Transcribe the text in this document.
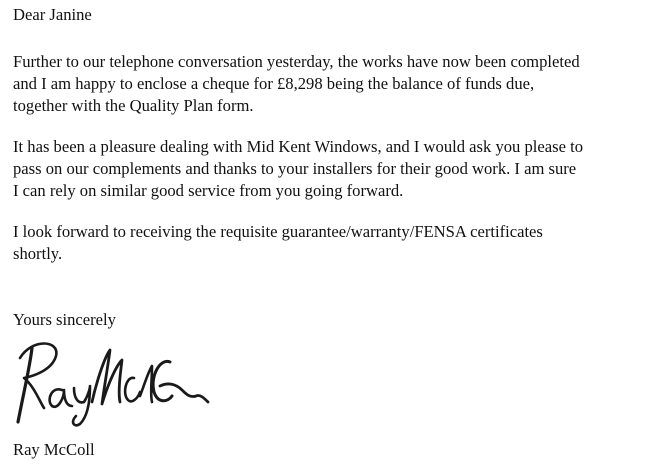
Dear Janine
Further to our telephone conversation yesterday, the works have now been completed
and I am happy to enclose a cheque for £8,298 being the balance of funds due,
together with the Quality Plan form.
It has been a pleasure dealing with Mid Kent Windows, and I would ask you please to
pass on our complements and thanks to your installers for their good work. I am sure
I can rely on similar good service from you going forward.
I look forward to receiving the requisite guarantee/warranty/FENSA certificates
shortly.
Yours sincerely
Ray McColl
